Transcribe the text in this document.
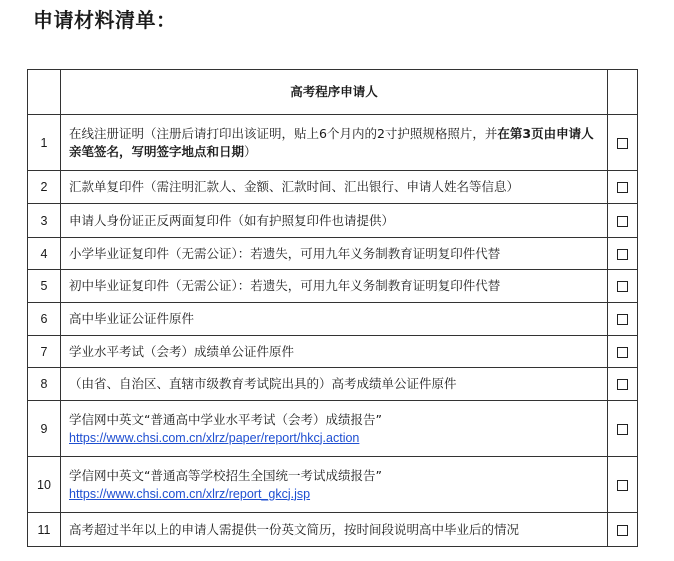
申请材料清单：
	高考程序申请人	
1	在线注册证明（注册后请打印出该证明，贴上6个月内的2寸护照规格照片，并在第3页由申请人亲笔签名，写明签字地点和日期）	
2	汇款单复印件（需注明汇款人、金额、汇款时间、汇出银行、申请人姓名等信息）	
3	申请人身份证正反两面复印件（如有护照复印件也请提供）	
4	小学毕业证复印件（无需公证）：若遗失，可用九年义务制教育证明复印件代替	
5	初中毕业证复印件（无需公证）：若遗失，可用九年义务制教育证明复印件代替	
6	高中毕业证公证件原件	
7	学业水平考试（会考）成绩单公证件原件	
8	（由省、自治区、直辖市级教育考试院出具的）高考成绩单公证件原件	
9	学信网中英文“普通高中学业水平考试（会考）成绩报告”
https://www.chsi.com.cn/xlrz/paper/report/hkcj.action	

10	学信网中英文“普通高等学校招生全国统一考试成绩报告”
https://www.chsi.com.cn/xlrz/report_gkcj.jsp	

11	高考超过半年以上的申请人需提供一份英文简历，按时间段说明高中毕业后的情况	
